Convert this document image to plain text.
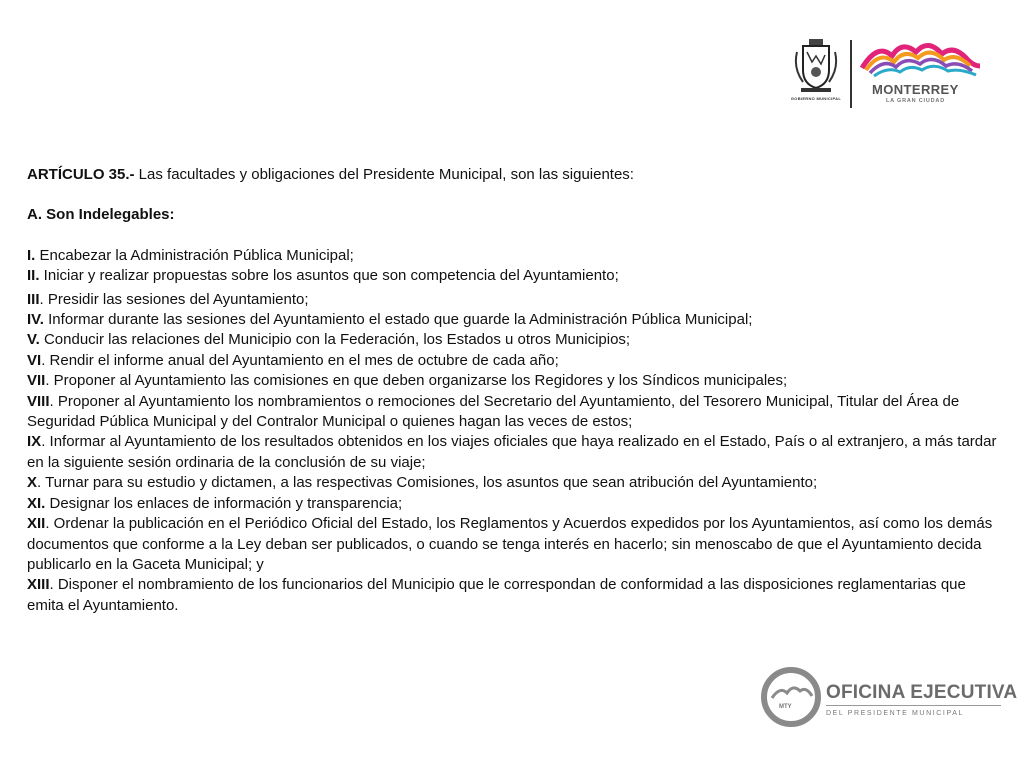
GOBIERNO MUNICIPAL
MONTERREY
LA GRAN CIUDAD

ARTÍCULO 35.- Las facultades y obligaciones del Presidente Municipal, son las siguientes:

A. Son Indelegables:

I. Encabezar la Administración Pública Municipal;

II. Iniciar y realizar propuestas sobre los asuntos que son competencia del Ayuntamiento;

III. Presidir las sesiones del Ayuntamiento;

IV. Informar durante las sesiones del Ayuntamiento el estado que guarde la Administración Pública Municipal;

V. Conducir las relaciones del Municipio con la Federación, los Estados u otros Municipios;

VI. Rendir el informe anual del Ayuntamiento en el mes de octubre de cada año;

VII. Proponer al Ayuntamiento las comisiones en que deben organizarse los Regidores y los Síndicos municipales;

VIII. Proponer al Ayuntamiento los nombramientos o remociones del Secretario del Ayuntamiento, del Tesorero Municipal, Titular del Área de Seguridad Pública Municipal y del Contralor Municipal o quienes hagan las veces de estos;

IX. Informar al Ayuntamiento de los resultados obtenidos en los viajes oficiales que haya realizado en el Estado, País o al extranjero, a más tardar en la siguiente sesión ordinaria de la conclusión de su viaje;

X. Turnar para su estudio y dictamen, a las respectivas Comisiones, los asuntos que sean atribución del Ayuntamiento;

XI. Designar los enlaces de información y transparencia;

XII. Ordenar la publicación en el Periódico Oficial del Estado, los Reglamentos y Acuerdos expedidos por los Ayuntamientos, así como los demás documentos que conforme a la Ley deban ser publicados, o cuando se tenga interés en hacerlo; sin menoscabo de que el Ayuntamiento decida publicarlo en la Gaceta Municipal; y

XIII. Disponer el nombramiento de los funcionarios del Municipio que le correspondan de conformidad a las disposiciones reglamentarias que emita el Ayuntamiento.

MTY
OFICINA EJECUTIVA
DEL PRESIDENTE MUNICIPAL
